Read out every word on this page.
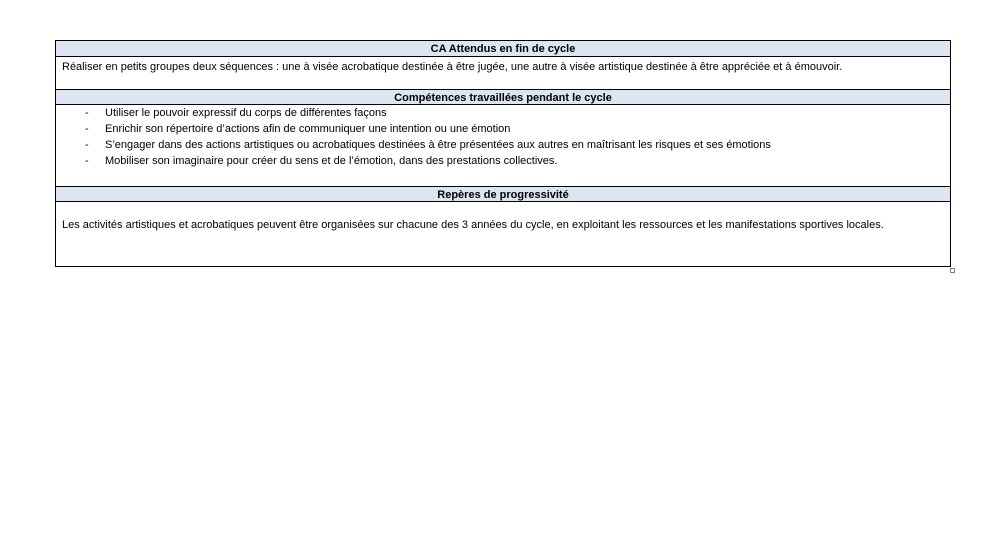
CA Attendus en fin de cycle
Réaliser en petits groupes deux séquences : une à visée acrobatique destinée à être jugée, une autre à visée artistique destinée à être appréciée et à émouvoir.
Compétences travaillées pendant le cycle
- Utiliser le pouvoir expressif du corps de différentes façons
- Enrichir son répertoire d’actions afin de communiquer une intention ou une émotion
- S’engager dans des actions artistiques ou acrobatiques destinées à être présentées aux autres en maîtrisant les risques et ses émotions
- Mobiliser son imaginaire pour créer du sens et de l’émotion, dans des prestations collectives.
Repères de progressivité
Les activités artistiques et acrobatiques peuvent être organisées sur chacune des 3 années du cycle, en exploitant les ressources et les manifestations sportives locales.
